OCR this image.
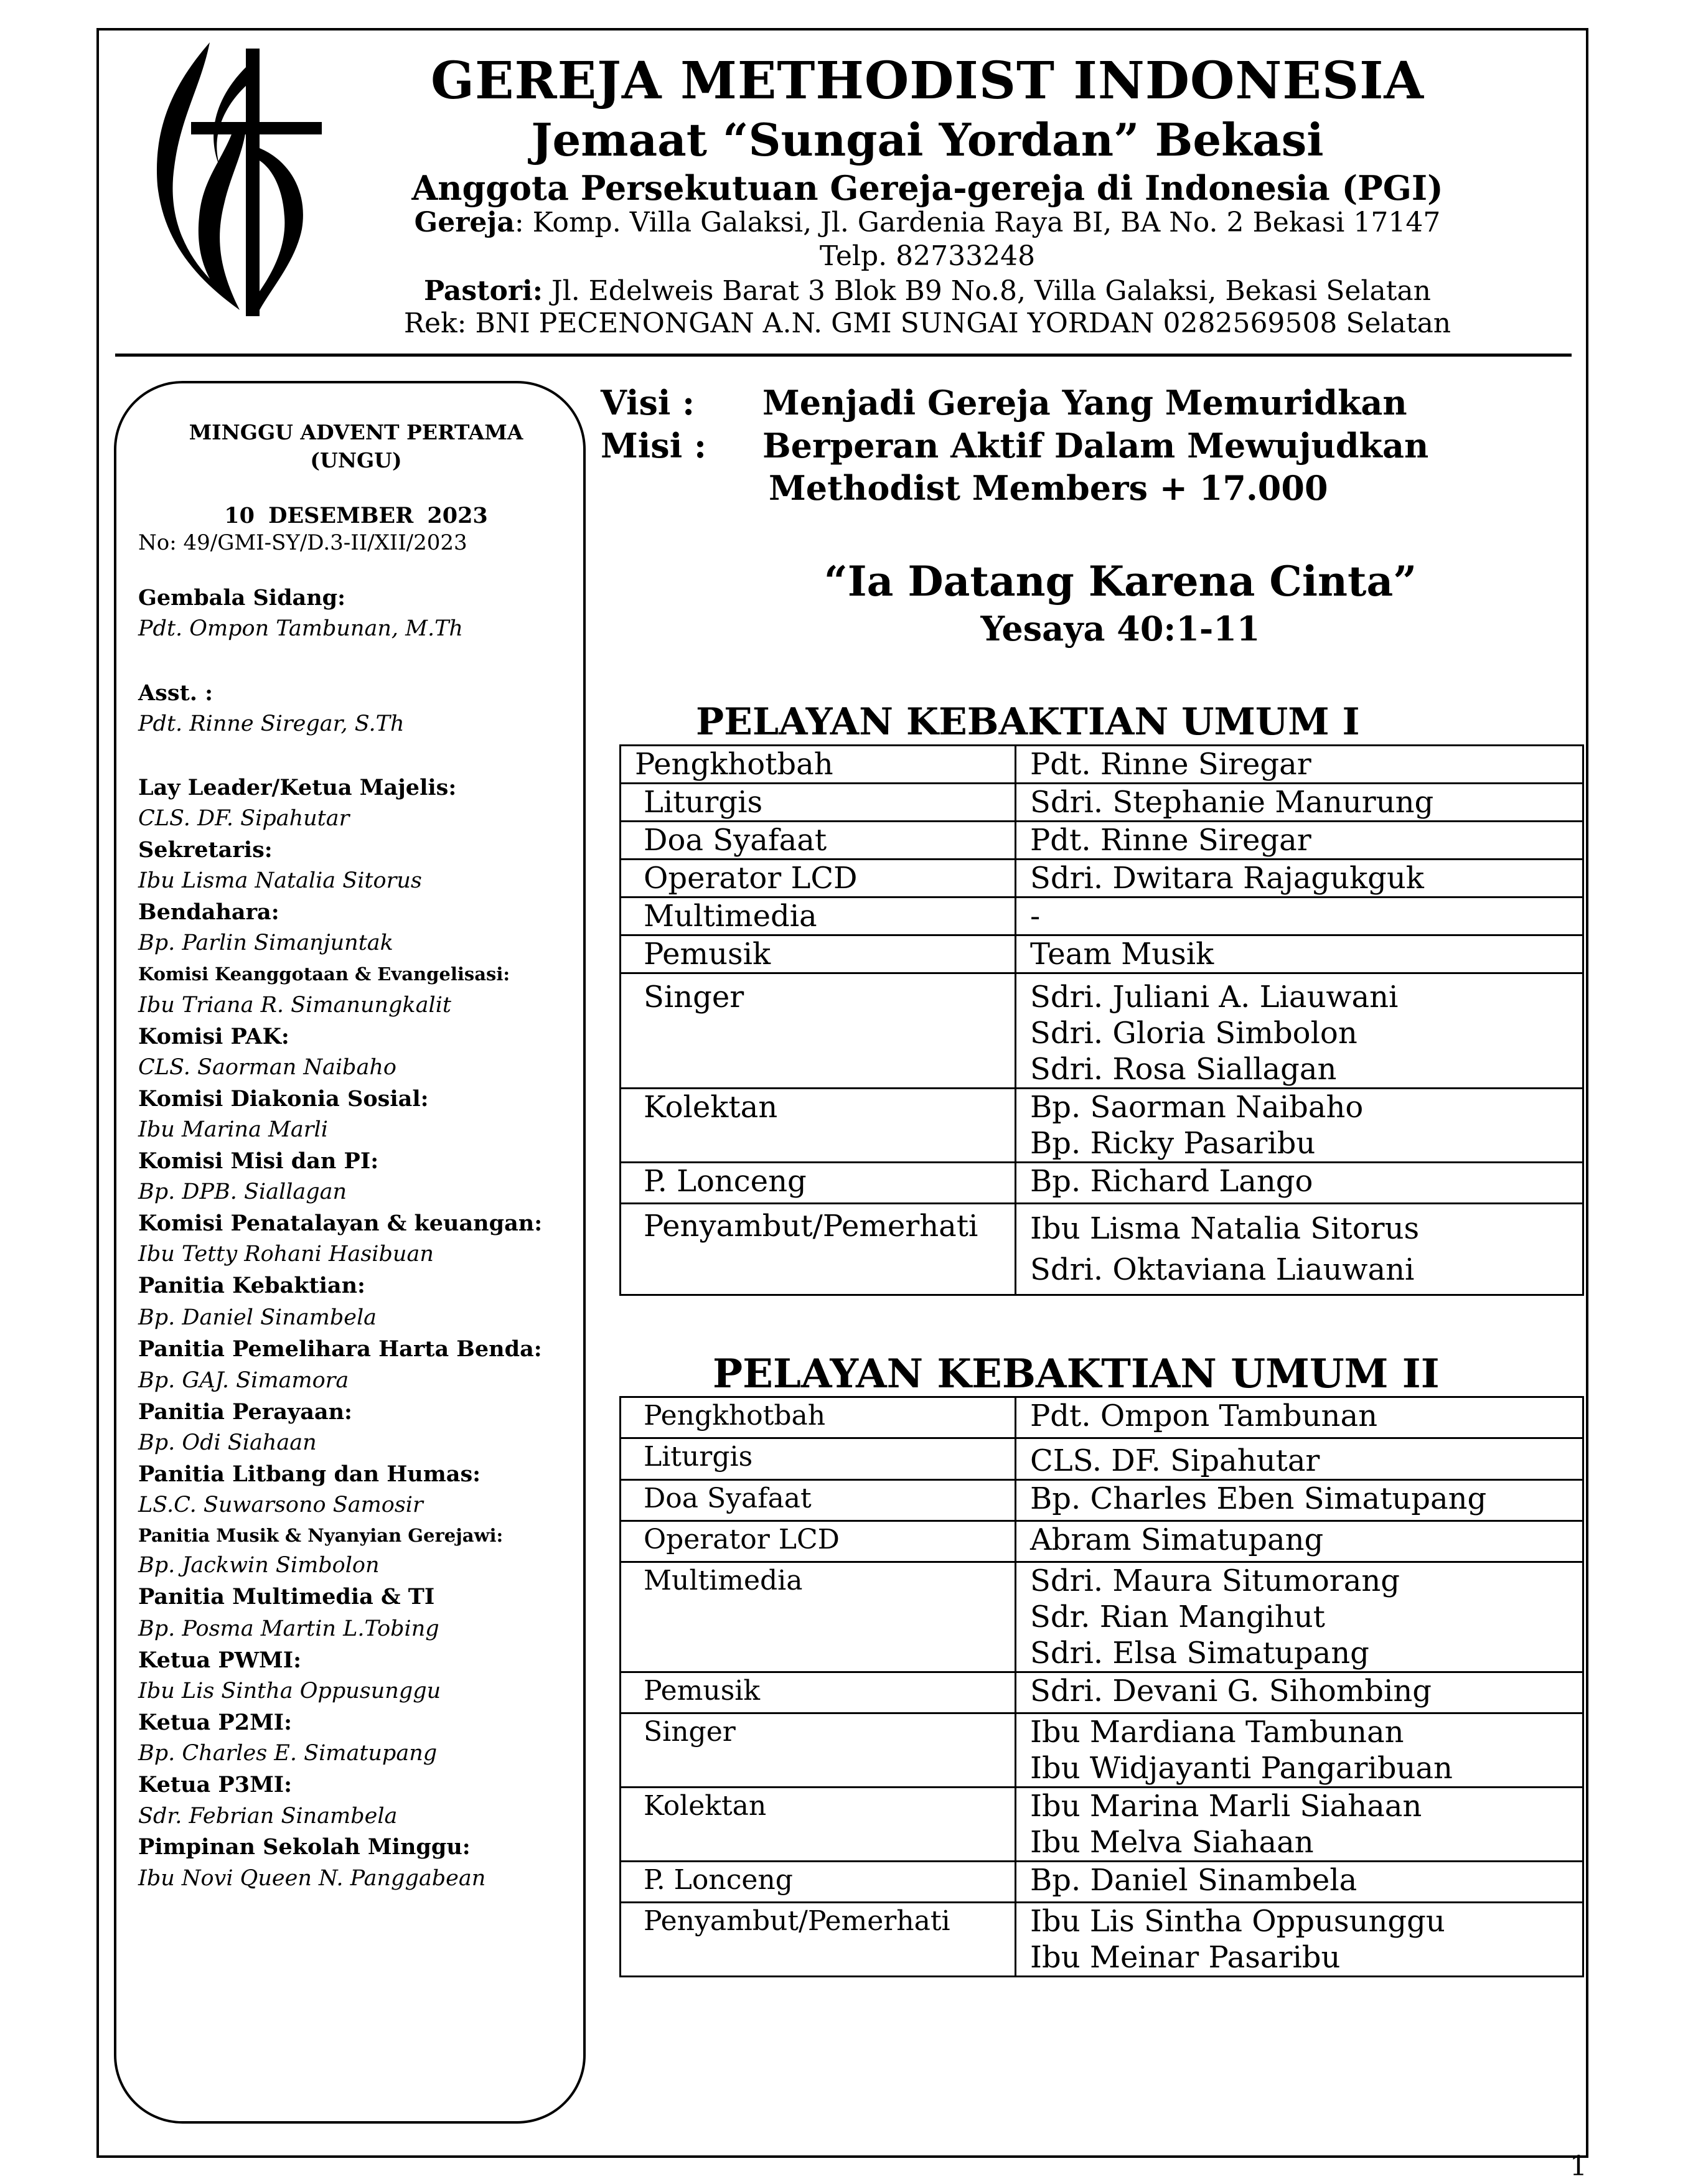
GEREJA METHODIST INDONESIA
Jemaat “Sungai Yordan” Bekasi
Anggota Persekutuan Gereja-gereja di Indonesia (PGI)
Gereja: Komp. Villa Galaksi, Jl. Gardenia Raya BI, BA No. 2 Bekasi 17147
Telp. 82733248
Pastori: Jl. Edelweis Barat 3 Blok B9 No.8, Villa Galaksi, Bekasi Selatan
Rek: BNI PECENONGAN A.N. GMI SUNGAI YORDAN 0282569508 Selatan
MINGGU ADVENT PERTAMA
(UNGU)
10 DESEMBER 2023
No: 49/GMI-SY/D.3-II/XII/2023
Gembala Sidang:
Pdt. Ompon Tambunan, M.Th
Asst. :
Pdt. Rinne Siregar, S.Th
Lay Leader/Ketua Majelis:
CLS. DF. Sipahutar
Sekretaris:
Ibu Lisma Natalia Sitorus
Bendahara:
Bp. Parlin Simanjuntak
Komisi Keanggotaan & Evangelisasi:
Ibu Triana R. Simanungkalit
Komisi PAK:
CLS. Saorman Naibaho
Komisi Diakonia Sosial:
Ibu Marina Marli
Komisi Misi dan PI:
Bp. DPB. Siallagan
Komisi Penatalayan & keuangan:
Ibu Tetty Rohani Hasibuan
Panitia Kebaktian:
Bp. Daniel Sinambela
Panitia Pemelihara Harta Benda:
Bp. GAJ. Simamora
Panitia Perayaan:
Bp. Odi Siahaan
Panitia Litbang dan Humas:
LS.C. Suwarsono Samosir
Panitia Musik & Nyanyian Gerejawi:
Bp. Jackwin Simbolon
Panitia Multimedia & TI
Bp. Posma Martin L.Tobing
Ketua PWMI:
Ibu Lis Sintha Oppusunggu
Ketua P2MI:
Bp. Charles E. Simatupang
Ketua P3MI:
Sdr. Febrian Sinambela
Pimpinan Sekolah Minggu:
Ibu Novi Queen N. Panggabean
Visi : Menjadi Gereja Yang Memuridkan
Misi : Berperan Aktif Dalam Mewujudkan
Methodist Members + 17.000
“Ia Datang Karena Cinta”
Yesaya 40:1-11
PELAYAN KEBAKTIAN UMUM I
Pengkhotbah	Pdt. Rinne Siregar

Liturgis	Sdri. Stephanie Manurung

Doa Syafaat	Pdt. Rinne Siregar

Operator LCD	Sdri. Dwitara Rajagukguk

Multimedia	-

Pemusik	Team Musik

Singer	Sdri. Juliani A. Liauwani
Sdri. Gloria Simbolon
Sdri. Rosa Siallagan

Kolektan	Bp. Saorman Naibaho
Bp. Ricky Pasaribu

P. Lonceng	Bp. Richard Lango

Penyambut/Pemerhati	Ibu Lisma Natalia Sitorus
Sdri. Oktaviana Liauwani
PELAYAN KEBAKTIAN UMUM II
Pengkhotbah	Pdt. Ompon Tambunan

Liturgis	CLS. DF. Sipahutar

Doa Syafaat	Bp. Charles Eben Simatupang

Operator LCD	Abram Simatupang

Multimedia	Sdri. Maura Situmorang
Sdr. Rian Mangihut
Sdri. Elsa Simatupang

Pemusik	Sdri. Devani G. Sihombing

Singer	Ibu Mardiana Tambunan
Ibu Widjayanti Pangaribuan

Kolektan	Ibu Marina Marli Siahaan
Ibu Melva Siahaan

P. Lonceng	Bp. Daniel Sinambela

Penyambut/Pemerhati	Ibu Lis Sintha Oppusunggu
Ibu Meinar Pasaribu
1
